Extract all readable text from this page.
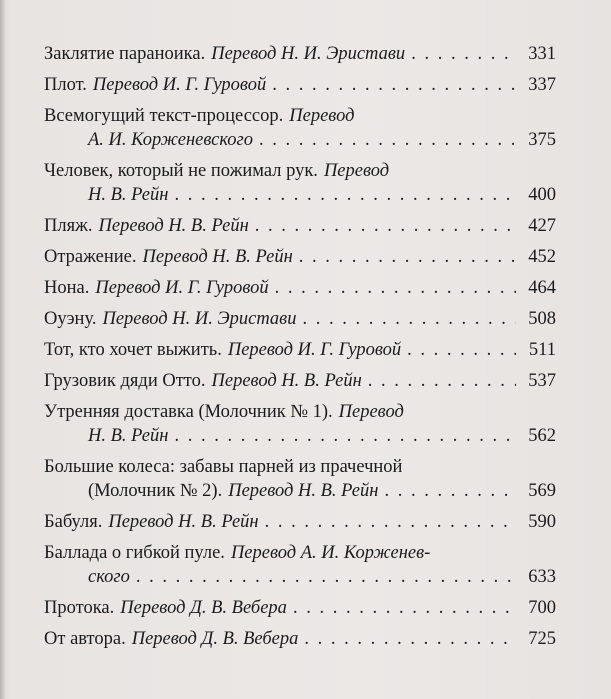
Заклятие параноика. Перевод Н. И. Эристави . . .	331
Плот. Перевод И. Г. Гуровой . . .	337
Всемогущий текст-процессор. Перевод
А. И. Корженевского . . .	375
Человек, который не пожимал рук. Перевод
Н. В. Рейн . . .	400
Пляж. Перевод Н. В. Рейн . . .	427
Отражение. Перевод Н. В. Рейн . . .	452
Нона. Перевод И. Г. Гуровой . . .	464
Оуэну. Перевод Н. И. Эристави . . .	508
Тот, кто хочет выжить. Перевод И. Г. Гуровой . . .	511
Грузовик дяди Отто. Перевод Н. В. Рейн . . .	537
Утренняя доставка (Молочник № 1). Перевод
Н. В. Рейн . . .	562
Большие колеса: забавы парней из прачечной
(Молочник № 2). Перевод Н. В. Рейн . . .	569
Бабуля. Перевод Н. В. Рейн . . .	590
Баллада о гибкой пуле. Перевод А. И. Корженев-
ского . . .	633
Протока. Перевод Д. В. Вебера . . .	700
От автора. Перевод Д. В. Вебера . . .	725
